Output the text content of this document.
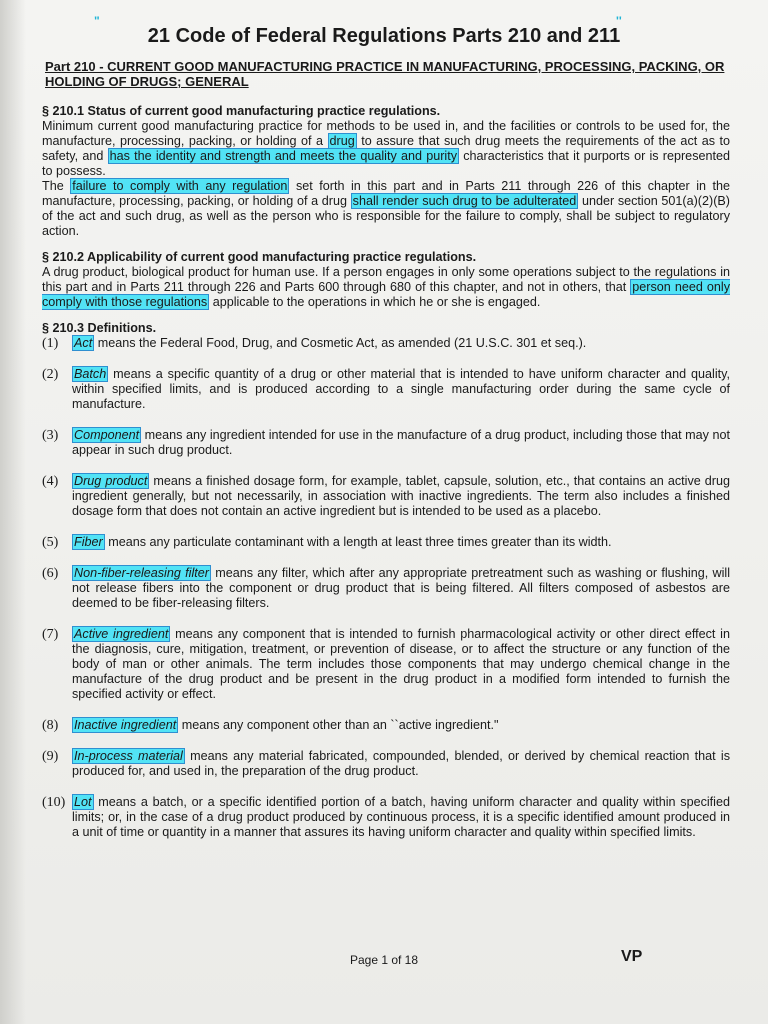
"	''
21 Code of Federal Regulations Parts 210 and 211
Part 210 - CURRENT GOOD MANUFACTURING PRACTICE IN MANUFACTURING, PROCESSING, PACKING, OR HOLDING OF DRUGS; GENERAL
§ 210.1 Status of current good manufacturing practice regulations.
Minimum current good manufacturing practice for methods to be used in, and the facilities or controls to be used for, the manufacture, processing, packing, or holding of a drug to assure that such drug meets the requirements of the act as to safety, and has the identity and strength and meets the quality and purity characteristics that it purports or is represented to possess.
The failure to comply with any regulation set forth in this part and in Parts 211 through 226 of this chapter in the manufacture, processing, packing, or holding of a drug shall render such drug to be adulterated under section 501(a)(2)(B) of the act and such drug, as well as the person who is responsible for the failure to comply, shall be subject to regulatory action.
§ 210.2 Applicability of current good manufacturing practice regulations.
A drug product, biological product for human use. If a person engages in only some operations subject to the regulations in this part and in Parts 211 through 226 and Parts 600 through 680 of this chapter, and not in others, that person need only comply with those regulations applicable to the operations in which he or she is engaged.
§ 210.3 Definitions.
(1)	Act means the Federal Food, Drug, and Cosmetic Act, as amended (21 U.S.C. 301 et seq.).
(2)	Batch means a specific quantity of a drug or other material that is intended to have uniform character and quality, within specified limits, and is produced according to a single manufacturing order during the same cycle of manufacture.
(3)	Component means any ingredient intended for use in the manufacture of a drug product, including those that may not appear in such drug product.
(4)	Drug product means a finished dosage form, for example, tablet, capsule, solution, etc., that contains an active drug ingredient generally, but not necessarily, in association with inactive ingredients. The term also includes a finished dosage form that does not contain an active ingredient but is intended to be used as a placebo.
(5)	Fiber means any particulate contaminant with a length at least three times greater than its width.
(6)	Non-fiber-releasing filter means any filter, which after any appropriate pretreatment such as washing or flushing, will not release fibers into the component or drug product that is being filtered. All filters composed of asbestos are deemed to be fiber-releasing filters.
(7)	Active ingredient means any component that is intended to furnish pharmacological activity or other direct effect in the diagnosis, cure, mitigation, treatment, or prevention of disease, or to affect the structure or any function of the body of man or other animals. The term includes those components that may undergo chemical change in the manufacture of the drug product and be present in the drug product in a modified form intended to furnish the specified activity or effect.
(8)	Inactive ingredient means any component other than an ``active ingredient."
(9)	In-process material means any material fabricated, compounded, blended, or derived by chemical reaction that is produced for, and used in, the preparation of the drug product.
(10) Lot means a batch, or a specific identified portion of a batch, having uniform character and quality within specified limits; or, in the case of a drug product produced by continuous process, it is a specific identified amount produced in a unit of time or quantity in a manner that assures its having uniform character and quality within specified limits.
Page 1 of 18	VP
